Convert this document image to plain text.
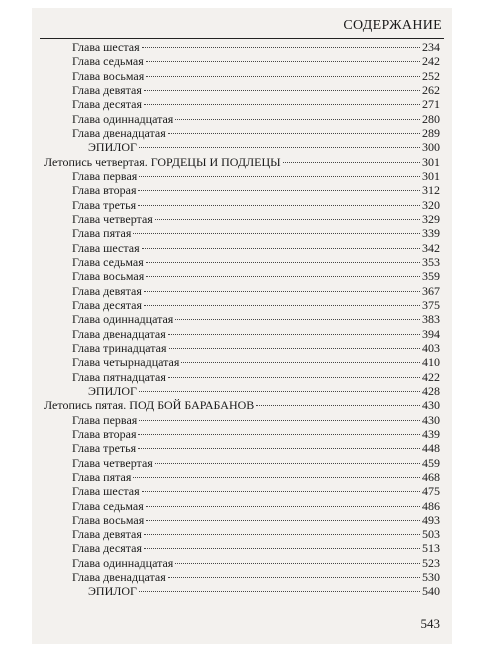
СОДЕРЖАНИЕ
Глава шестая	234
Глава седьмая	242
Глава восьмая	252
Глава девятая	262
Глава десятая	271
Глава одиннадцатая	280
Глава двенадцатая	289
ЭПИЛОГ	300
Летопись четвертая. ГОРДЕЦЫ И ПОДЛЕЦЫ	301
Глава первая	301
Глава вторая	312
Глава третья	320
Глава четвертая	329
Глава пятая	339
Глава шестая	342
Глава седьмая	353
Глава восьмая	359
Глава девятая	367
Глава десятая	375
Глава одиннадцатая	383
Глава двенадцатая	394
Глава тринадцатая	403
Глава четырнадцатая	410
Глава пятнадцатая	422
ЭПИЛОГ	428
Летопись пятая. ПОД БОЙ БАРАБАНОВ	430
Глава первая	430
Глава вторая	439
Глава третья	448
Глава четвертая	459
Глава пятая	468
Глава шестая	475
Глава седьмая	486
Глава восьмая	493
Глава девятая	503
Глава десятая	513
Глава одиннадцатая	523
Глава двенадцатая	530
ЭПИЛОГ	540
543
